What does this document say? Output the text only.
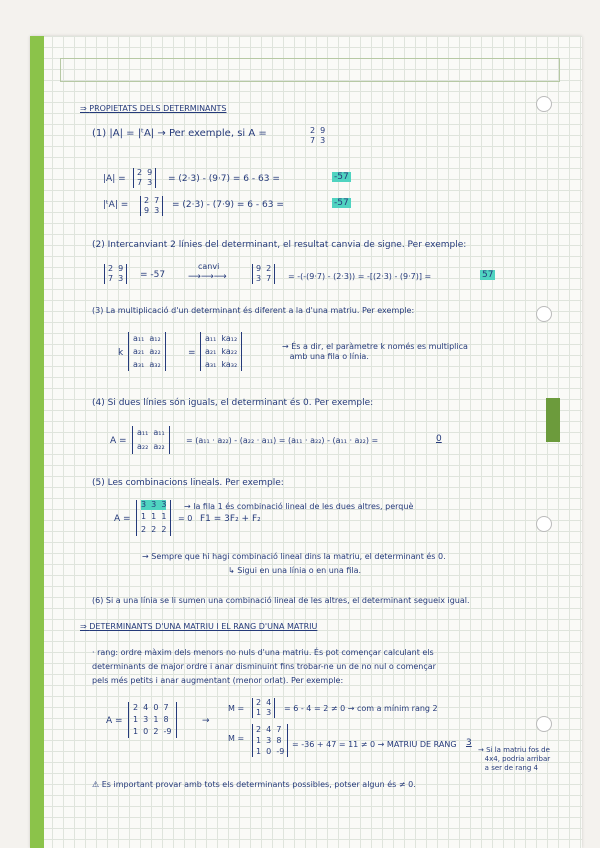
⇒ PROPIETATS DELS DETERMINANTS
(1) |A| = |ᵗA| → Per exemple, si A =	2  9
7  3
|A| =
2  9
7  3	= (2·3) - (9·7) = 6 - 63 =	-57
|ᵗA| =	2  7
9  3
= (2·3) - (7·9) = 6 - 63 =	-57
(2) Intercanviant 2 línies del determinant, el resultat canvia de signe. Per exemple:
2  9
7  3	= -57
canvi
⟶⟶⟶
9  2
3  7	= -(-(9·7) - (2·3)) = -[(2·3) - (9·7)] =	57
(3) La multiplicació d'un determinant és diferent a la d'una matriu. Per exemple:
k
a₁₁  a₁₂
a₂₁  a₂₂
a₃₁  a₃₂
=
a₁₁  ka₁₂
a₂₁  ka₂₂
a₃₁  ka₃₂
→ És a dir, el paràmetre k només es multiplica
amb una fila o línia.
(4) Si dues línies són iguals, el determinant és 0. Per exemple:
A =
a₁₁  a₁₁
a₂₂  a₂₂
= (a₁₁ · a₂₂) - (a₂₂ · a₁₁) = (a₁₁ · a₂₂) - (a₁₁ · a₂₂) =	0
(5) Les combinacions lineals. Per exemple:
A =
3  3  3
1  1  1
2  2  2
= 0
→ la fila 1 és combinació lineal de les dues altres, perquè
F1 = 3F₂ + F₂
→ Sempre que hi hagi combinació lineal dins la matriu, el determinant és 0.
↳ Sigui en una línia o en una fila.
(6) Si a una línia se li sumen una combinació lineal de les altres, el determinant segueix igual.
⇒ DETERMINANTS D'UNA MATRIU I EL RANG D'UNA MATRIU
· rang: ordre màxim dels menors no nuls d'una matriu. És pot començar calculant els
determinants de major ordre i anar disminuint fins trobar-ne un de no nul o començar
pels més petits i anar augmentant (menor orlat). Per exemple:
A =
2  4  0  7
1  3  1  8
1  0  2  -9
→
M =
2  4
1  3	= 6 - 4 = 2 ≠ 0 → com a mínim rang 2
M =
2  4  7
1  3  8
1  0  -9
= -36 + 47 = 11 ≠ 0 → MATRIU DE RANG 3
→ Si la matriu fos de
4x4, podria arribar
a ser de rang 4
⚠ Es important provar amb tots els determinants possibles, potser algun és ≠ 0.
